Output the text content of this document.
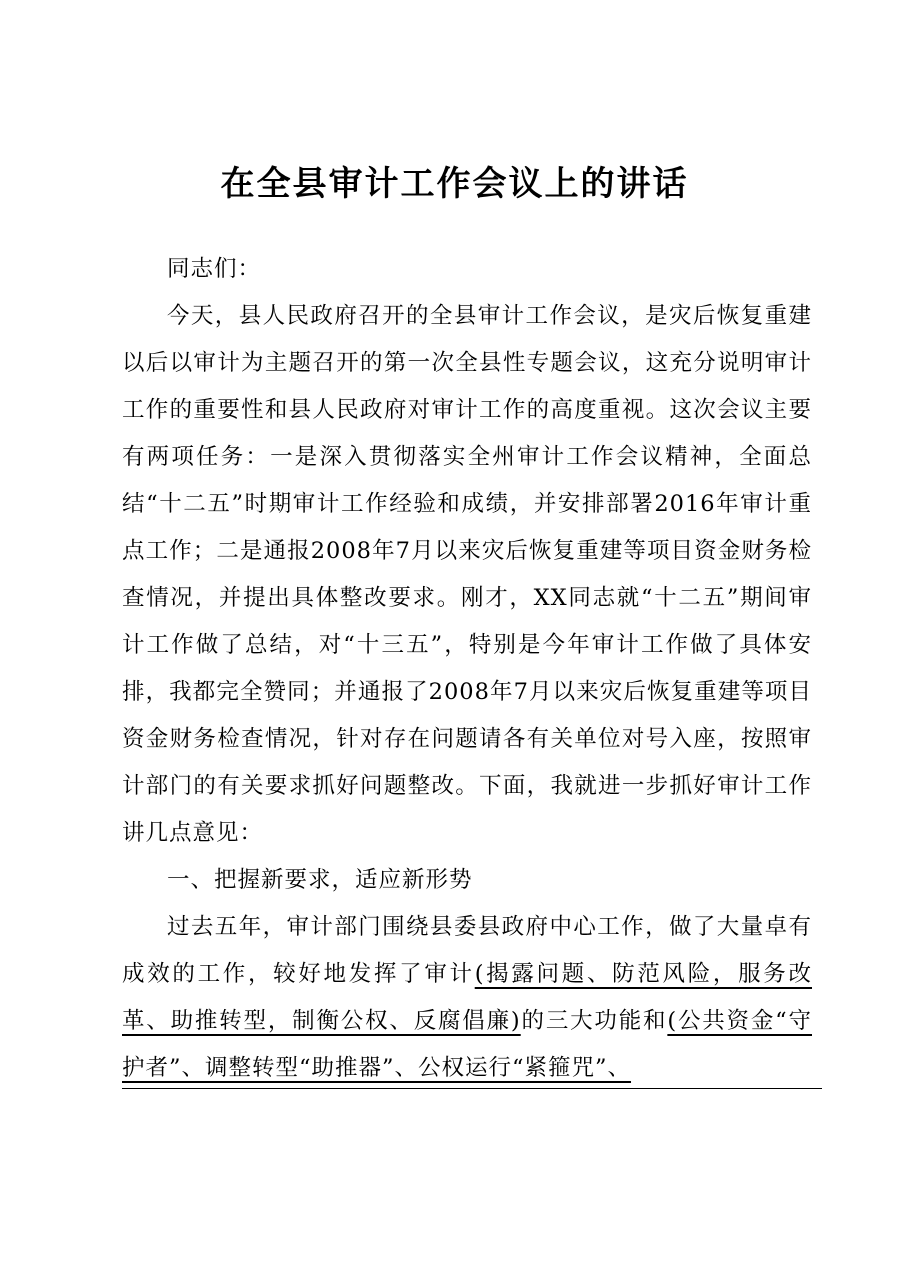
在全县审计工作会议上的讲话

同志们：

今天，县人民政府召开的全县审计工作会议，是灾后恢复重建以后以审计为主题召开的第一次全县性专题会议，这充分说明审计工作的重要性和县人民政府对审计工作的高度重视。这次会议主要有两项任务：一是深入贯彻落实全州审计工作会议精神，全面总结“十二五”时期审计工作经验和成绩，并安排部署2016年审计重点工作；二是通报2008年7月以来灾后恢复重建等项目资金财务检查情况，并提出具体整改要求。刚才，XX同志就“十二五”期间审计工作做了总结，对“十三五”，特别是今年审计工作做了具体安排，我都完全赞同；并通报了2008年7月以来灾后恢复重建等项目资金财务检查情况，针对存在问题请各有关单位对号入座，按照审计部门的有关要求抓好问题整改。下面，我就进一步抓好审计工作讲几点意见：

一、把握新要求，适应新形势

过去五年，审计部门围绕县委县政府中心工作，做了大量卓有成效的工作，较好地发挥了审计(揭露问题、防范风险，服务改革、助推转型，制衡公权、反腐倡廉)的三大功能和(公共资金“守护者”、调整转型“助推器”、公权运行“紧箍咒”、
